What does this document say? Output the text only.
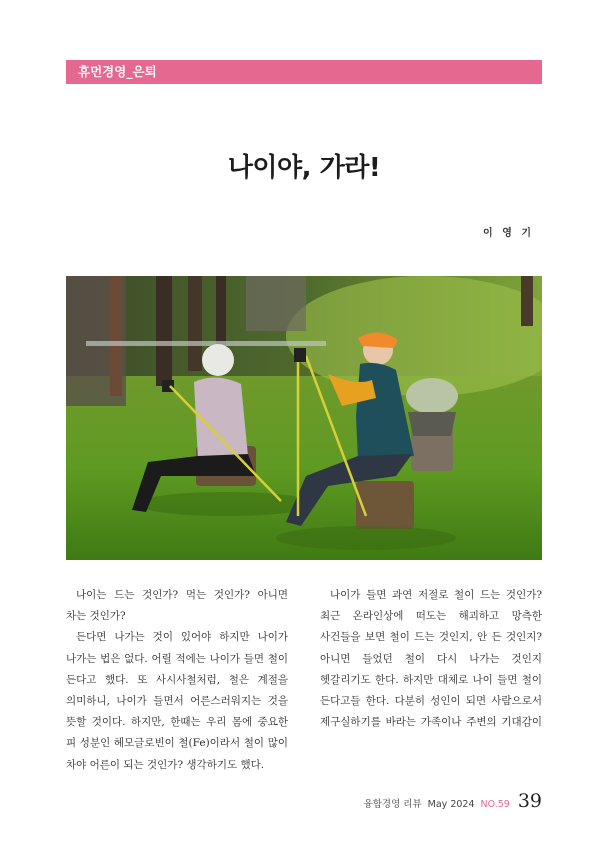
휴먼경영_은퇴
나이야, 가라!
이 영 기

나이는 드는 것인가? 먹는 것인가? 아니면 차는 것인가?

든다면 나가는 것이 있어야 하지만 나이가 나가는 법은 없다. 어릴 적에는 나이가 들면 철이 든다고 했다. 또 사시사철처럼, 철은 계절을 의미하니, 나이가 들면서 어른스러워지는 것을 뜻할 것이다. 하지만, 한때는 우리 몸에 중요한 피 성분인 헤모글로빈이 철(Fe)이라서 철이 많이 차야 어른이 되는 것인가? 생각하기도 했다.

나이가 들면 과연 저절로 철이 드는 것인가? 최근 온라인상에 떠도는 해괴하고 망측한 사건들을 보면 철이 드는 것인지, 안 든 것인지? 아니면 들었던 철이 다시 나가는 것인지 헷갈리기도 한다. 하지만 대체로 나이 들면 철이 든다고들 한다. 다분히 성인이 되면 사람으로서 제구실하기를 바라는 가족이나 주변의 기대감이

융합경영 리뷰 May 2024 NO.59 39
